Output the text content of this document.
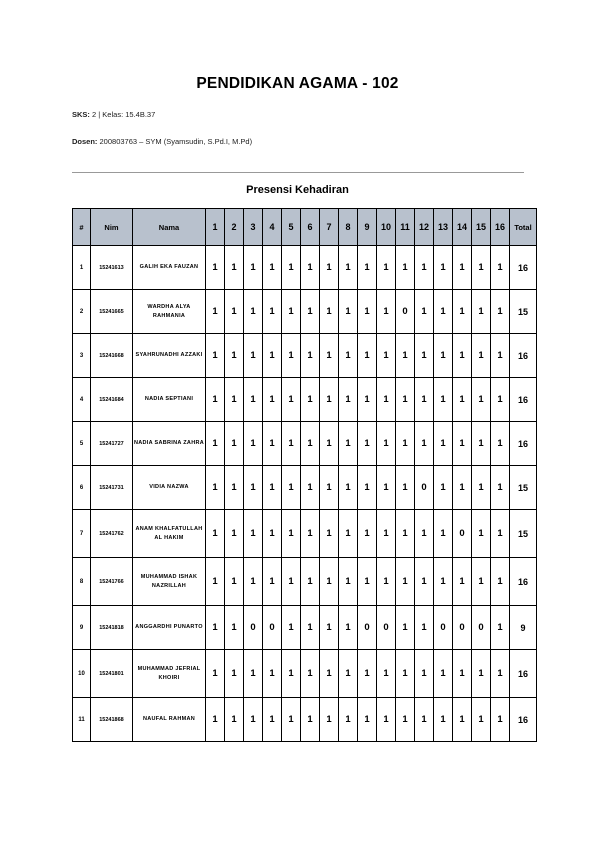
PENDIDIKAN AGAMA - 102
SKS: 2 | Kelas: 15.4B.37
Dosen: 200803763 – SYM (Syamsudin, S.Pd.I, M.Pd)
Presensi Kehadiran
#	Nim	Nama	1	2	3	4	5	6	7	8	9	10	11	12	13	14	15	16	Total
1	15241613	GALIH EKA FAUZAN	1	1	1	1	1	1	1	1	1	1	1	1	1	1	1	1	16
2	15241665	WARDHA ALYA RAHMANIA	1	1	1	1	1	1	1	1	1	1	0	1	1	1	1	1	15
3	15241668	SYAHRUNADHI AZZAKI	1	1	1	1	1	1	1	1	1	1	1	1	1	1	1	1	16
4	15241684	NADIA SEPTIANI	1	1	1	1	1	1	1	1	1	1	1	1	1	1	1	1	16
5	15241727	NADIA SABRINA ZAHRA	1	1	1	1	1	1	1	1	1	1	1	1	1	1	1	1	16
6	15241731	VIDIA NAZWA	1	1	1	1	1	1	1	1	1	1	1	0	1	1	1	1	15
7	15241762	ANAM KHALFATULLAH AL HAKIM	1	1	1	1	1	1	1	1	1	1	1	1	1	0	1	1	15
8	15241766	MUHAMMAD ISHAK NAZRILLAH	1	1	1	1	1	1	1	1	1	1	1	1	1	1	1	1	16
9	15241818	ANGGARDHI PUNARTO	1	1	0	0	1	1	1	1	0	0	1	1	0	0	0	1	9
10	15241801	MUHAMMAD JEFRIAL KHOIRI	1	1	1	1	1	1	1	1	1	1	1	1	1	1	1	1	16
11	15241868	NAUFAL RAHMAN	1	1	1	1	1	1	1	1	1	1	1	1	1	1	1	1	16
